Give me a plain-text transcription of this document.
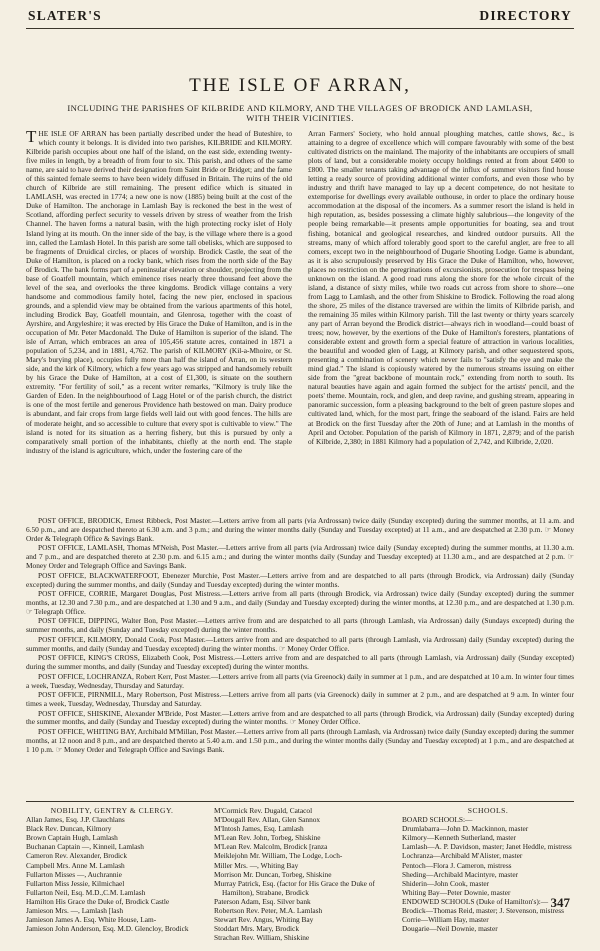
SLATER'S	DIRECTORY
THE ISLE OF ARRAN,
INCLUDING THE PARISHES OF KILBRIDE AND KILMORY, AND THE VILLAGES OF BRODICK AND LAMLASH, WITH THEIR VICINITIES.
THE ISLE OF ARRAN has been partially described under the head of Buteshire, to which county it belongs. It is divided into two parishes, KILBRIDE and KILMORY. Kilbride parish occupies about one half of the island, on the east side, extending twenty-five miles in length, by a breadth of from four to six. This parish, and others of the same name, are said to have derived their designation from Saint Bride or Bridget; and the fame of this sainted female seems to have been widely diffused in Britain. The ruins of the old church of Kilbride are still remaining. The present edifice which is situated in LAMLASH, was erected in 1774; a new one is now (1885) being built at the cost of the Duke of Hamilton. The anchorage in Lamlash Bay is reckoned the best in the west of Scotland, affording perfect security to vessels driven by stress of weather from the Irish Channel. The haven forms a natural basin, with the high protecting rocky islet of Holy Island lying at its mouth. On the inner side of the bay, is the village where there is a good inn, called the Lamlash Hotel. In this parish are some tall obelisks, which are supposed to be fragments of Druidical circles, or places of worship. Brodick Castle, the seat of the Duke of Hamilton, is placed on a rocky bank, which rises from the north side of the Bay of Brodick. The bank forms part of a peninsular elevation or shoulder, projecting from the base of Goatfell mountain, which eminence rises nearly three thousand feet above the level of the sea, and overlooks the three kingdoms. Brodick village contains a very handsome and commodious family hotel, facing the new pier, enclosed in spacious grounds, and a splendid view may be obtained from the various apartments of this hotel, including Brodick Bay, Goatfell mountain, and Glenrosa, together with the coast of Ayrshire, and Argyleshire; it was erected by His Grace the Duke of Hamilton, and is in the occupation of Mr. Peter Macdonald. The Duke of Hamilton is superior of the island. The isle of Arran, which embraces an area of 105,456 statute acres, contained in 1871 a population of 5,234, and in 1881, 4,762. The parish of KILMORY (Kil-a-Mhoire, or St. Mary's burying place), occupies fully more than half the island of Arran, on its western side, and the kirk of Kilmory, which a few years ago was stripped and handsomely rebuilt by his Grace the Duke of Hamilton, at a cost of £1,300, is situate on the southern extremity. "For fertility of soil," as a recent writer remarks, "Kilmory is truly like the Garden of Eden. In the neighbourhood of Lagg Hotel or of the parish church, the district is one of the most fertile and generous Providence hath bestowed on man. Dairy produce is abundant, and fair crops from large fields well laid out with good fences. The hills are of moderate height, and so accessible to culture that every spot is cultivable to view." The island is noted for its situation as a herring fishery, but this is pursued by only a comparatively small portion of the inhabitants, chiefly at the north end. The staple industry of the island is agriculture, which, under the fostering care of the
Arran Farmers' Society, who hold annual ploughing matches, cattle shows, &c., is attaining to a degree of excellence which will compare favourably with some of the best cultivated districts on the mainland. The majority of the inhabitants are occupiers of small plots of land, but a considerable moiety occupy holdings rented at from about £400 to £800. The smaller tenants taking advantage of the influx of summer visitors find house letting a ready source of providing additional winter comforts, and even those who by industry and thrift have managed to lay up a decent competence, do not hesitate to extemporise for dwellings every available outhouse, in order to place the ordinary house accommodation at the disposal of the incomers. As a summer resort the island is held in high reputation, as, besides possessing a climate highly salubrious—the longevity of the people being remarkable—it presents ample opportunities for boating, sea and trout fishing, botanical and geological researches, and kindred outdoor pursuits. All the streams, many of which afford tolerably good sport to the careful angler, are free to all comers, except two in the neighbourhood of Dugarie Shooting Lodge. Game is abundant, as it is also scrupulously preserved by His Grace the Duke of Hamilton, who, however, places no restriction on the peregrinations of excursionists, prosecution for trespass being unknown on the island. A good road runs along the shore for the whole circuit of the island, a distance of sixty miles, while two roads cut across from shore to shore—one from Lagg to Lamlash, and the other from Shiskine to Brodick. Following the road along the shore, 25 miles of the distance traversed are within the limits of Kilbride parish, and the remaining 35 miles within Kilmory parish. Till the last twenty or thirty years scarcely any part of Arran beyond the Brodick district—always rich in woodland—could boast of trees; now, however, by the exertions of the Duke of Hamilton's foresters, plantations of considerable extent and growth form a special feature of attraction in various localities, the beautiful and wooded glen of Lagg, at Kilmory parish, and other sequestered spots, presenting a combination of scenery which never fails to "satisfy the eye and make the mind glad." The island is copiously watered by the numerous streams issuing on either side from the "great backbone of mountain rock," extending from north to south. Its natural beauties have again and again formed the subject for the artists' pencil, and the poets' theme. Mountain, rock, and glen, and deep ravine, and gushing stream, appearing in panoramic succession, form a pleasing background to the belt of green pasture slopes and cultivated land, which, for the most part, fringe the seaboard of the island. Fairs are held at Brodick on the first Tuesday after the 20th of June; and at Lamlash in the months of April and October. Population of the parish of Kilmory in 1871, 2,879; and of the parish of Kilbride, 2,380; in 1881 Kilmory had a population of 2,742, and Kilbride, 2,020.

POST OFFICE, BRODICK, Ernest Ribbeck, Post Master.—Letters arrive from all parts (via Ardrossan) twice daily (Sunday excepted) during the summer months, at 11 a.m. and 6.50 p.m., and are despatched thereto at 6.30 a.m. and 3 p.m.; and during the winter months daily (Sunday and Tuesday excepted) at 11 a.m., and are despatched at 2.30 p.m. ☞ Money Order & Telegraph Office & Savings Bank.

POST OFFICE, LAMLASH, Thomas M'Neish, Post Master.—Letters arrive from all parts (via Ardrossan) twice daily (Sunday excepted) during the summer months, at 11.30 a.m. and 7 p.m., and are despatched thereto at 2.30 p.m. and 6.15 a.m.; and during the winter months daily (Sunday and Tuesday excepted) at 11.30 a.m., and are despatched at 2 p.m. ☞ Money Order and Telegraph Office and Savings Bank.

POST OFFICE, BLACKWATERFOOT, Ebenezer Murchie, Post Master.—Letters arrive from and are despatched to all parts (through Brodick, via Ardrossan) daily (Sunday excepted) during the summer months, and daily (Sunday and Tuesday excepted) during the winter months.

POST OFFICE, CORRIE, Margaret Douglas, Post Mistress.—Letters arrive from all parts (through Brodick, via Ardrossan) twice daily (Sunday excepted) during the summer months, at 12.30 and 7.30 p.m., and are despatched at 1.30 and 9 a.m., and daily (Sunday and Tuesday excepted) during the winter months, at 12.30 p.m., and are despatched at 1.30 p.m. ☞ Telegraph Office.

POST OFFICE, DIPPING, Walter Bon, Post Master.—Letters arrive from and are despatched to all parts (through Lamlash, via Ardrossan) daily (Sundays excepted) during the summer months, and daily (Sunday and Tuesday excepted) during the winter months.

POST OFFICE, KILMORY, Donald Cook, Post Master.—Letters arrive from and are despatched to all parts (through Lamlash, via Ardrossan) daily (Sunday excepted) during the summer months, and daily (Sunday and Tuesday excepted) during the winter months. ☞ Money Order Office.

POST OFFICE, KING'S CROSS, Elizabeth Cook, Post Mistress.—Letters arrive from and are despatched to all parts (through Lamlash, via Ardrossan) daily (Sunday excepted) during the summer months, and daily (Sunday and Tuesday excepted) during the winter months.

POST OFFICE, LOCHRANZA, Robert Kerr, Post Master.—Letters arrive from all parts (via Greenock) daily in summer at 1 p.m., and are despatched at 10 a.m. In winter four times a week, Tuesday, Wednesday, Thursday and Saturday.

POST OFFICE, PIRNMILL, Mary Robertson, Post Mistress.—Letters arrive from all parts (via Greenock) daily in summer at 2 p.m., and are despatched at 9 a.m. In winter four times a week, Tuesday, Wednesday, Thursday and Saturday.

POST OFFICE, SHISKINE, Alexander M'Bride, Post Master.—Letters arrive from and are despatched to all parts (through Brodick, via Ardrossan) daily (Sunday excepted) during the summer months, and daily (Sunday and Tuesday excepted) during the winter months. ☞ Money Order Office.

POST OFFICE, WHITING BAY, Archibald M'Millan, Post Master.—Letters arrive from all parts (through Lamlash, via Ardrossan) twice daily (Sunday excepted) during the summer months, at 12 noon and 8 p.m., and are despatched thereto at 5.40 a.m. and 1.50 p.m., and during the winter months daily (Sunday and Tuesday excepted) at 1 p.m., and are despatched at 1 10 p.m. ☞ Money Order and Telegraph Office and Savings Bank.

NOBILITY, GENTRY & CLERGY.
Allan James, Esq. J.P. Clauchlans
Black Rev. Duncan, Kilmory
Brown Captain Hugh, Lamlash
Buchanan Captain —, Kinneil, Lamlash
Cameron Rev. Alexander, Brodick
Campbell Mrs. Anne M. Lamlash
Fullarton Misses —, Auchrannie
Fullarton Miss Jessie, Kilmichael
Fullarton Neil, Esq. M.D.,C.M. Lamlash
Hamilton His Grace the Duke of, Brodick Castle
Jamieson Mrs. —, Lamlash [lash
Jamieson James A. Esq. White House, Lam-
Jamieson John Anderson, Esq. M.D. Glencloy, Brodick
M'Cormick Rev. Dugald, Catacol
M'Dougall Rev. Allan, Glen Sannox
M'Intosh James, Esq. Lamlash
M'Lean Rev. John, Torbeg, Shiskine
M'Lean Rev. Malcolm, Brodick [ranza
Meiklejohn Mr. William, The Lodge, Loch-
Miller Mrs. —, Whiting Bay
Morrison Mr. Duncan, Torbeg, Shiskine
Murray Patrick, Esq. (factor for His Grace the Duke of Hamilton), Strabane, Brodick
Paterson Adam, Esq. Silver bank
Robertson Rev. Peter, M.A. Lamlash
Stewart Rev. Angus, Whiting Bay
Stoddart Mrs. Mary, Brodick
Strachan Rev. William, Shiskine
SCHOOLS.
BOARD SCHOOLS:—
Drumlabarra—John D. Mackinnon, master
Kilmory—Kenneth Sutherland, master
Lamlash—A. P. Davidson, master; Janet Heddle, mistress
Lochranza—Archibald M'Alister, master
Pentoch—Flora J. Cameron, mistress
Sheding—Archibald Macintyre, master
Shiderin—John Cook, master
Whiting Bay—Peter Downie, master
ENDOWED SCHOOLS (Duke of Hamilton's):—
Brodick—Thomas Reid, master; J. Stevenson, mistress
Corrie—William Hay, master
Dougarie—Neil Downie, master
347
